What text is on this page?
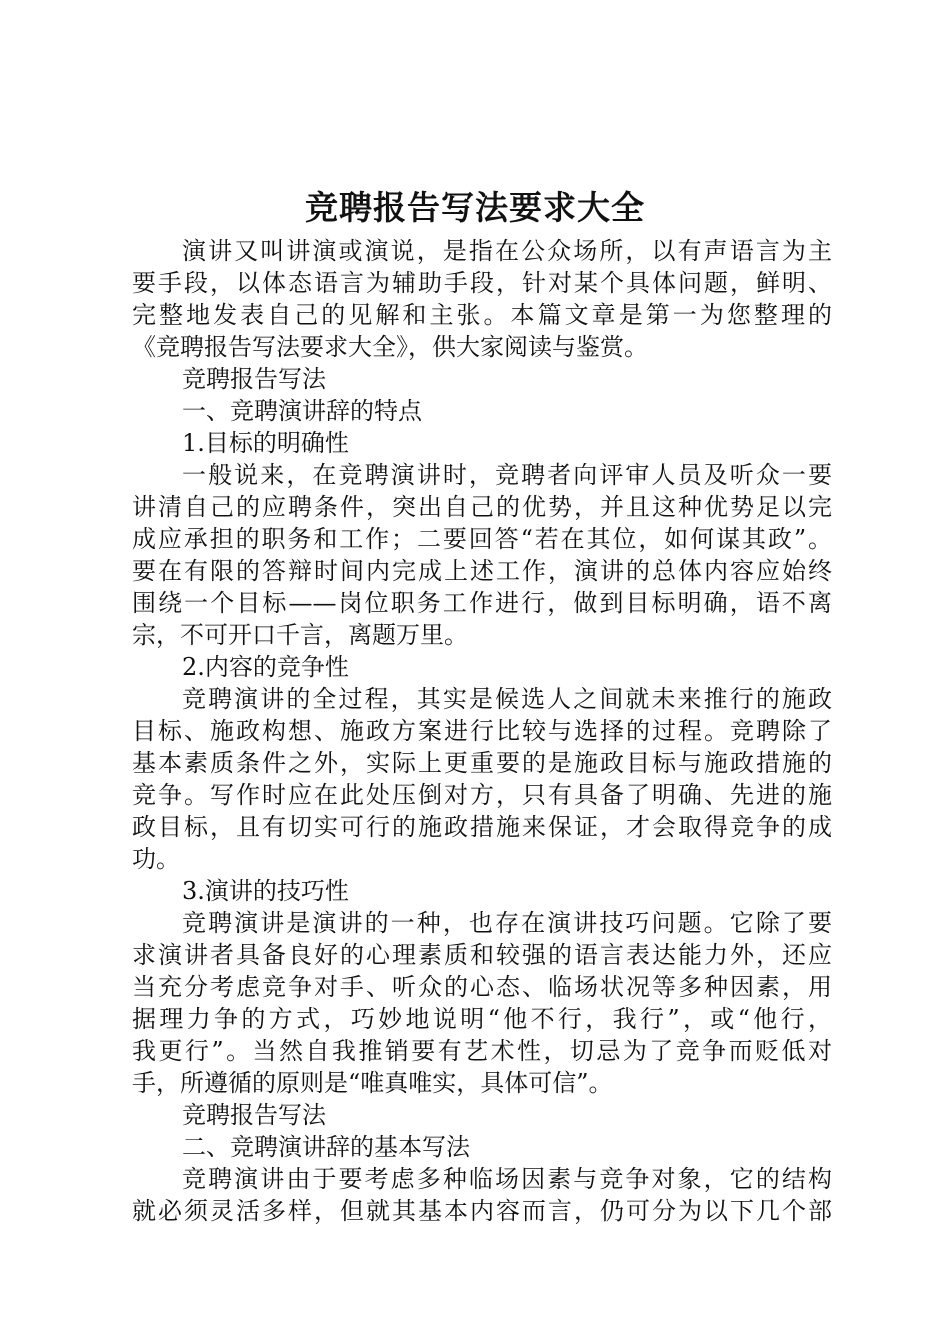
竞聘报告写法要求大全
演讲又叫讲演或演说，是指在公众场所，以有声语言为主
要手段，以体态语言为辅助手段，针对某个具体问题，鲜明、
完整地发表自己的见解和主张。本篇文章是第一为您整理的
《竞聘报告写法要求大全》，供大家阅读与鉴赏。
竞聘报告写法
一、竞聘演讲辞的特点
1.目标的明确性
一般说来，在竞聘演讲时，竞聘者向评审人员及听众一要
讲清自己的应聘条件，突出自己的优势，并且这种优势足以完
成应承担的职务和工作；二要回答“若在其位，如何谋其政”。
要在有限的答辩时间内完成上述工作，演讲的总体内容应始终
围绕一个目标——岗位职务工作进行，做到目标明确，语不离
宗，不可开口千言，离题万里。
2.内容的竞争性
竞聘演讲的全过程，其实是候选人之间就未来推行的施政
目标、施政构想、施政方案进行比较与选择的过程。竞聘除了
基本素质条件之外，实际上更重要的是施政目标与施政措施的
竞争。写作时应在此处压倒对方，只有具备了明确、先进的施
政目标，且有切实可行的施政措施来保证，才会取得竞争的成
功。
3.演讲的技巧性
竞聘演讲是演讲的一种，也存在演讲技巧问题。它除了要
求演讲者具备良好的心理素质和较强的语言表达能力外，还应
当充分考虑竞争对手、听众的心态、临场状况等多种因素，用
据理力争的方式，巧妙地说明“他不行，我行”，或“他行，
我更行”。当然自我推销要有艺术性，切忌为了竞争而贬低对
手，所遵循的原则是“唯真唯实，具体可信”。
竞聘报告写法
二、竞聘演讲辞的基本写法
竞聘演讲由于要考虑多种临场因素与竞争对象，它的结构
就必须灵活多样，但就其基本内容而言，仍可分为以下几个部
